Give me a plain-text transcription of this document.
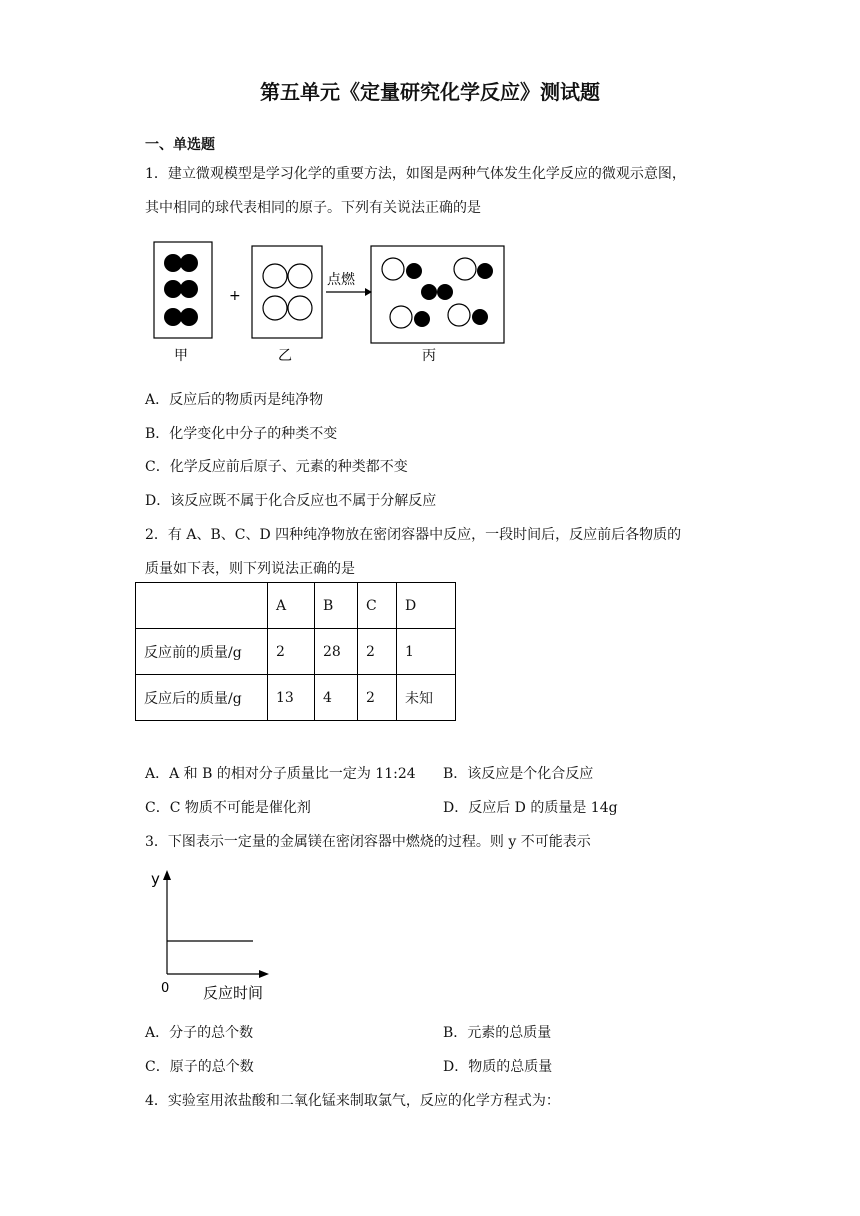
第五单元《定量研究化学反应》测试题
一、单选题
1．建立微观模型是学习化学的重要方法，如图是两种气体发生化学反应的微观示意图，
其中相同的球代表相同的原子。下列有关说法正确的是
+
点燃
甲	乙	丙
A．反应后的物质丙是纯净物
B．化学变化中分子的种类不变
C．化学反应前后原子、元素的种类都不变
D．该反应既不属于化合反应也不属于分解反应
2．有 A、B、C、D 四种纯净物放在密闭容器中反应，一段时间后，反应前后各物质的
质量如下表，则下列说法正确的是
	A	B	C	D
反应前的质量/g	2	28	2	1
反应后的质量/g	13	4	2	未知
A．A 和 B 的相对分子质量比一定为 11:24 B．该反应是个化合反应
C．C 物质不可能是催化剂	D．反应后 D 的质量是 14g
3．下图表示一定量的金属镁在密闭容器中燃烧的过程。则 y 不可能表示
y
0 反应时间
A．分子的总个数	B．元素的总质量
C．原子的总个数	D．物质的总质量
4．实验室用浓盐酸和二氧化锰来制取氯气，反应的化学方程式为：
